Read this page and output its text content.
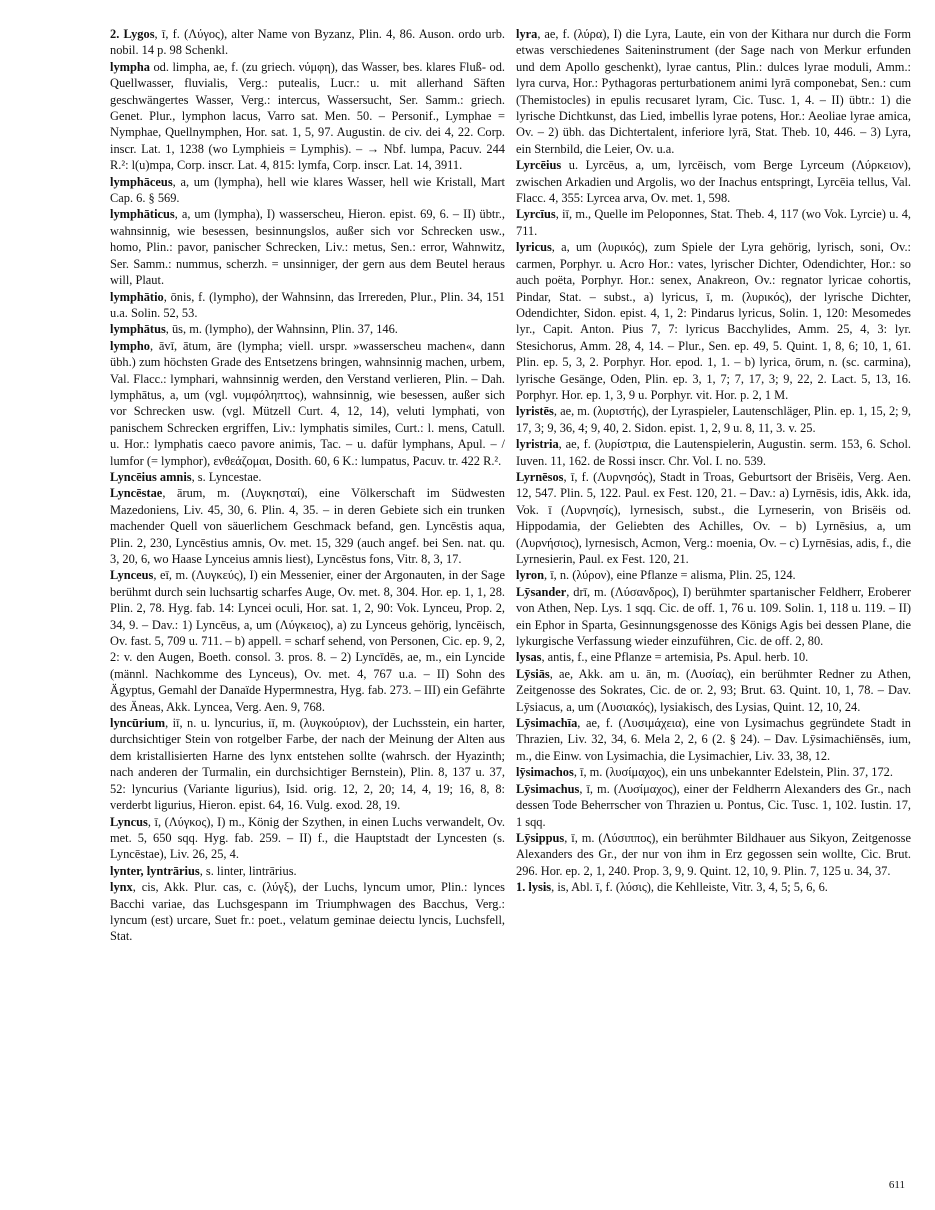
2. Lygos, ī, f. (Λύγος), alter Name von Byzanz, Plin. 4, 86. Auson. ordo urb. nobil. 14 p. 98 Schenkl.

lympha od. limpha, ae, f. (zu griech. νύμφη), das Wasser, bes. klares Fluß- od. Quellwasser, fluvialis, Verg.: putealis, Lucr.: u. mit allerhand Säften geschwängertes Wasser, Verg.: intercus, Wassersucht, Ser. Samm.: griech. Genet. Plur., lymphon lacus, Varro sat. Men. 50. – Personif., Lymphae = Nymphae, Quellnymphen, Hor. sat. 1, 5, 97. Augustin. de civ. dei 4, 22. Corp. inscr. Lat. 1, 1238 (wo Lymphieis = Lymphis). – → Nbf. lumpa, Pacuv. 244 R.²: l(u)mpa, Corp. inscr. Lat. 4, 815: lymfa, Corp. inscr. Lat. 14, 3911.

lymphāceus, a, um (lympha), hell wie klares Wasser, hell wie Kristall, Mart Cap. 6. § 569.

lymphāticus, a, um (lympha), I) wasserscheu, Hieron. epist. 69, 6. – II) übtr., wahnsinnig, wie besessen, besinnungslos, außer sich vor Schrecken usw., homo, Plin.: pavor, panischer Schrecken, Liv.: metus, Sen.: error, Wahnwitz, Ser. Samm.: nummus, scherzh. = unsinniger, der gern aus dem Beutel heraus will, Plaut.

lymphātio, ōnis, f. (lympho), der Wahnsinn, das Irrereden, Plur., Plin. 34, 151 u.a. Solin. 52, 53.

lymphātus, ūs, m. (lympho), der Wahnsinn, Plin. 37, 146.

lympho, āvī, ātum, āre (lympha; viell. urspr. »wasserscheu machen«, dann übh.) zum höchsten Grade des Entsetzens bringen, wahnsinnig machen, urbem, Val. Flacc.: lymphari, wahnsinnig werden, den Verstand verlieren, Plin. – Dah. lymphātus, a, um (vgl. νυμφόληπτος), wahnsinnig, wie besessen, außer sich vor Schrecken usw. (vgl. Mützell Curt. 4, 12, 14), veluti lymphati, von panischem Schrecken ergriffen, Liv.: lymphatis similes, Curt.: l. mens, Catull. u. Hor.: lymphatis caeco pavore animis, Tac. – u. dafür lymphans, Apul. – / lumfor (= lymphor), ενθεάζομαι, Dosith. 60, 6 K.: lumpatus, Pacuv. tr. 422 R.².

Lyncēius amnis, s. Lyncestae.

Lyncēstae, ārum, m. (Λυγκησταί), eine Völkerschaft im Südwesten Mazedoniens, Liv. 45, 30, 6. Plin. 4, 35. – in deren Gebiete sich ein trunken machender Quell von säuerlichem Geschmack befand, gen. Lyncēstis aqua, Plin. 2, 230, Lyncēstius amnis, Ov. met. 15, 329 (auch angef. bei Sen. nat. qu. 3, 20, 6, wo Haase Lynceius amnis liest), Lyncēstus fons, Vitr. 8, 3, 17.

Lynceus, eī, m. (Λυγκεύς), I) ein Messenier, einer der Argonauten, in der Sage berühmt durch sein luchsartig scharfes Auge, Ov. met. 8, 304. Hor. ep. 1, 1, 28. Plin. 2, 78. Hyg. fab. 14: Lyncei oculi, Hor. sat. 1, 2, 90: Vok. Lynceu, Prop. 2, 34, 9. – Dav.: 1) Lyncēus, a, um (Λύγκειος), a) zu Lynceus gehörig, lyncēisch, Ov. fast. 5, 709 u. 711. – b) appell. = scharf sehend, von Personen, Cic. ep. 9, 2, 2: v. den Augen, Boeth. consol. 3. pros. 8. – 2) Lyncīdēs, ae, m., ein Lyncide (männl. Nachkomme des Lynceus), Ov. met. 4, 767 u.a. – II) Sohn des Ägyptus, Gemahl der Danaïde Hypermnestra, Hyg. fab. 273. – III) ein Gefährte des Äneas, Akk. Lyncea, Verg. Aen. 9, 768.

lyncūrium, iī, n. u. lyncurius, iī, m. (λυγκούριον), der Luchsstein, ein harter, durchsichtiger Stein von rotgelber Farbe, der nach der Meinung der Alten aus dem kristallisierten Harne des lynx entstehen sollte (wahrsch. der Hyazinth; nach anderen der Turmalin, ein durchsichtiger Bernstein), Plin. 8, 137 u. 37, 52: lyncurius (Variante ligurius), Isid. orig. 12, 2, 20; 14, 4, 19; 16, 8, 8: verderbt ligurius, Hieron. epist. 64, 16. Vulg. exod. 28, 19.

Lyncus, ī, (Λύγκος), I) m., König der Szythen, in einen Luchs verwandelt, Ov. met. 5, 650 sqq. Hyg. fab. 259. – II) f., die Hauptstadt der Lyncesten (s. Lyncēstae), Liv. 26, 25, 4.

lynter, lyntrārius, s. linter, lintrārius.

lynx, cis, Akk. Plur. cas, c. (λύγξ), der Luchs, lyncum umor, Plin.: lynces Bacchi variae, das Luchsgespann im Triumphwagen des Bacchus, Verg.: lyncum (est) urcare, Suet fr.: poet., velatum geminae deiectu lyncis, Luchsfell, Stat.

lyra, ae, f. (λύρα), I) die Lyra, Laute, ein von der Kithara nur durch die Form etwas verschiedenes Saiteninstrument (der Sage nach von Merkur erfunden und dem Apollo geschenkt), lyrae cantus, Plin.: dulces lyrae moduli, Amm.: lyra curva, Hor.: Pythagoras perturbationem animi lyrā componebat, Sen.: cum (Themistocles) in epulis recusaret lyram, Cic. Tusc. 1, 4. – II) übtr.: 1) die lyrische Dichtkunst, das Lied, imbellis lyrae potens, Hor.: Aeoliae lyrae amica, Ov. – 2) übh. das Dichtertalent, inferiore lyrā, Stat. Theb. 10, 446. – 3) Lyra, ein Sternbild, die Leier, Ov. u.a.

Lyrcēius u. Lyrcēus, a, um, lyrcēisch, vom Berge Lyrceum (Λύρκειον), zwischen Arkadien und Argolis, wo der Inachus entspringt, Lyrcēia tellus, Val. Flacc. 4, 355: Lyrcea arva, Ov. met. 1, 598.

Lyrcīus, iī, m., Quelle im Peloponnes, Stat. Theb. 4, 117 (wo Vok. Lyrcie) u. 4, 711.

lyricus, a, um (λυρικός), zum Spiele der Lyra gehörig, lyrisch, soni, Ov.: carmen, Porphyr. u. Acro Hor.: vates, lyrischer Dichter, Odendichter, Hor.: so auch poëta, Porphyr. Hor.: senex, Anakreon, Ov.: regnator lyricae cohortis, Pindar, Stat. – subst., a) lyricus, ī, m. (λυρικός), der lyrische Dichter, Odendichter, Sidon. epist. 4, 1, 2: Pindarus lyricus, Solin. 1, 120: Mesomedes lyr., Capit. Anton. Pius 7, 7: lyricus Bacchylides, Amm. 25, 4, 3: lyr. Stesichorus, Amm. 28, 4, 14. – Plur., Sen. ep. 49, 5. Quint. 1, 8, 6; 10, 1, 61. Plin. ep. 5, 3, 2. Porphyr. Hor. epod. 1, 1. – b) lyrica, ōrum, n. (sc. carmina), lyrische Gesänge, Oden, Plin. ep. 3, 1, 7; 7, 17, 3; 9, 22, 2. Lact. 5, 13, 16. Porphyr. Hor. ep. 1, 3, 9 u. Porphyr. vit. Hor. p. 2, 1 M.

lyristēs, ae, m. (λυριστής), der Lyraspieler, Lautenschläger, Plin. ep. 1, 15, 2; 9, 17, 3; 9, 36, 4; 9, 40, 2. Sidon. epist. 1, 2, 9 u. 8, 11, 3. v. 25.

lyristria, ae, f. (λυρίστρια, die Lautenspielerin, Augustin. serm. 153, 6. Schol. Iuven. 11, 162. de Rossi inscr. Chr. Vol. I. no. 539.

Lyrnēsos, ī, f. (Λυρνησός), Stadt in Troas, Geburtsort der Brisëis, Verg. Aen. 12, 547. Plin. 5, 122. Paul. ex Fest. 120, 21. – Dav.: a) Lyrnēsis, idis, Akk. ida, Vok. ī (Λυρνησίς), lyrnesisch, subst., die Lyrneserin, von Brisëis od. Hippodamia, der Geliebten des Achilles, Ov. – b) Lyrnēsius, a, um (Λυρνήσιος), lyrnesisch, Acmon, Verg.: moenia, Ov. – c) Lyrnēsias, adis, f., die Lyrnesierin, Paul. ex Fest. 120, 21.

lyron, ī, n. (λύρον), eine Pflanze = alisma, Plin. 25, 124.

Lȳsander, drī, m. (Λύσανδρος), I) berühmter spartanischer Feldherr, Eroberer von Athen, Nep. Lys. 1 sqq. Cic. de off. 1, 76 u. 109. Solin. 1, 118 u. 119. – II) ein Ephor in Sparta, Gesinnungsgenosse des Königs Agis bei dessen Plane, die lykurgische Verfassung wieder einzuführen, Cic. de off. 2, 80.

lysas, antis, f., eine Pflanze = artemisia, Ps. Apul. herb. 10.

Lȳsiās, ae, Akk. am u. ān, m. (Λυσίας), ein berühmter Redner zu Athen, Zeitgenosse des Sokrates, Cic. de or. 2, 93; Brut. 63. Quint. 10, 1, 78. – Dav. Lȳsiacus, a, um (Λυσιακός), lysiakisch, des Lysias, Quint. 12, 10, 24.

Lȳsimachīa, ae, f. (Λυσιμάχεια), eine von Lysimachus gegründete Stadt in Thrazien, Liv. 32, 34, 6. Mela 2, 2, 6 (2. § 24). – Dav. Lȳsimachiēnsēs, ium, m., die Einw. von Lysimachia, die Lysimachier, Liv. 33, 38, 12.

lȳsimachos, ī, m. (λυσίμαχος), ein uns unbekannter Edelstein, Plin. 37, 172.

Lȳsimachus, ī, m. (Λυσίμαχος), einer der Feldherrn Alexanders des Gr., nach dessen Tode Beherrscher von Thrazien u. Pontus, Cic. Tusc. 1, 102. Iustin. 17, 1 sqq.

Lȳsippus, ī, m. (Λύσιππος), ein berühmter Bildhauer aus Sikyon, Zeitgenosse Alexanders des Gr., der nur von ihm in Erz gegossen sein wollte, Cic. Brut. 296. Hor. ep. 2, 1, 240. Prop. 3, 9, 9. Quint. 12, 10, 9. Plin. 7, 125 u. 34, 37.

1. lysis, is, Abl. ī, f. (λύσις), die Kehlleiste, Vitr. 3, 4, 5; 5, 6, 6.

611
